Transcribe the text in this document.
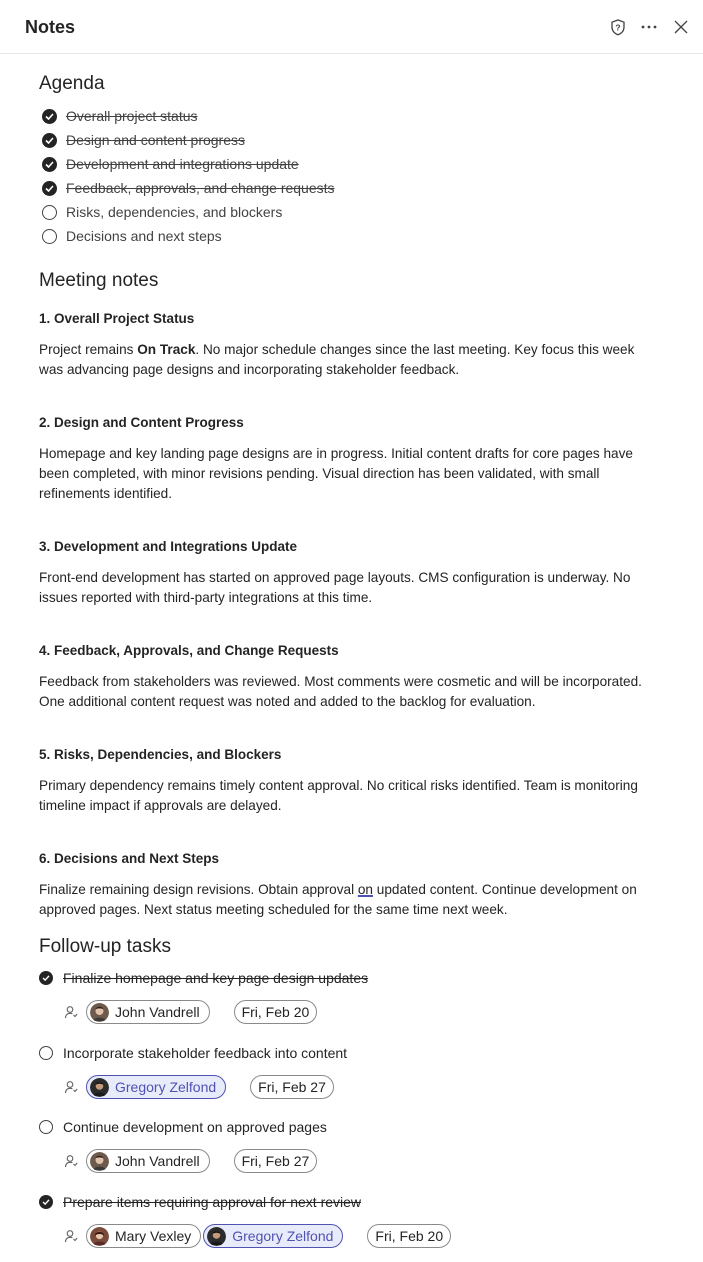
Notes	?
Agenda
Overall project status
Design and content progress
Development and integrations update
Feedback, approvals, and change requests
Risks, dependencies, and blockers
Decisions and next steps
Meeting notes
1. Overall Project Status
Project remains On Track. No major schedule changes since the last meeting. Key focus this week was advancing page designs and incorporating stakeholder feedback.
2. Design and Content Progress
Homepage and key landing page designs are in progress. Initial content drafts for core pages have been completed, with minor revisions pending. Visual direction has been validated, with small refinements identified.
3. Development and Integrations Update
Front-end development has started on approved page layouts. CMS configuration is underway. No issues reported with third-party integrations at this time.
4. Feedback, Approvals, and Change Requests
Feedback from stakeholders was reviewed. Most comments were cosmetic and will be incorporated. One additional content request was noted and added to the backlog for evaluation.
5. Risks, Dependencies, and Blockers
Primary dependency remains timely content approval. No critical risks identified. Team is monitoring timeline impact if approvals are delayed.
6. Decisions and Next Steps
Finalize remaining design revisions. Obtain approval on updated content. Continue development on approved pages. Next status meeting scheduled for the same time next week.
Follow-up tasks
Finalize homepage and key page design updates
John Vandrell	Fri, Feb 20
Incorporate stakeholder feedback into content
Gregory Zelfond	Fri, Feb 27
Continue development on approved pages
John Vandrell	Fri, Feb 27
Prepare items requiring approval for next review
Mary Vexley	Gregory Zelfond	Fri, Feb 20
